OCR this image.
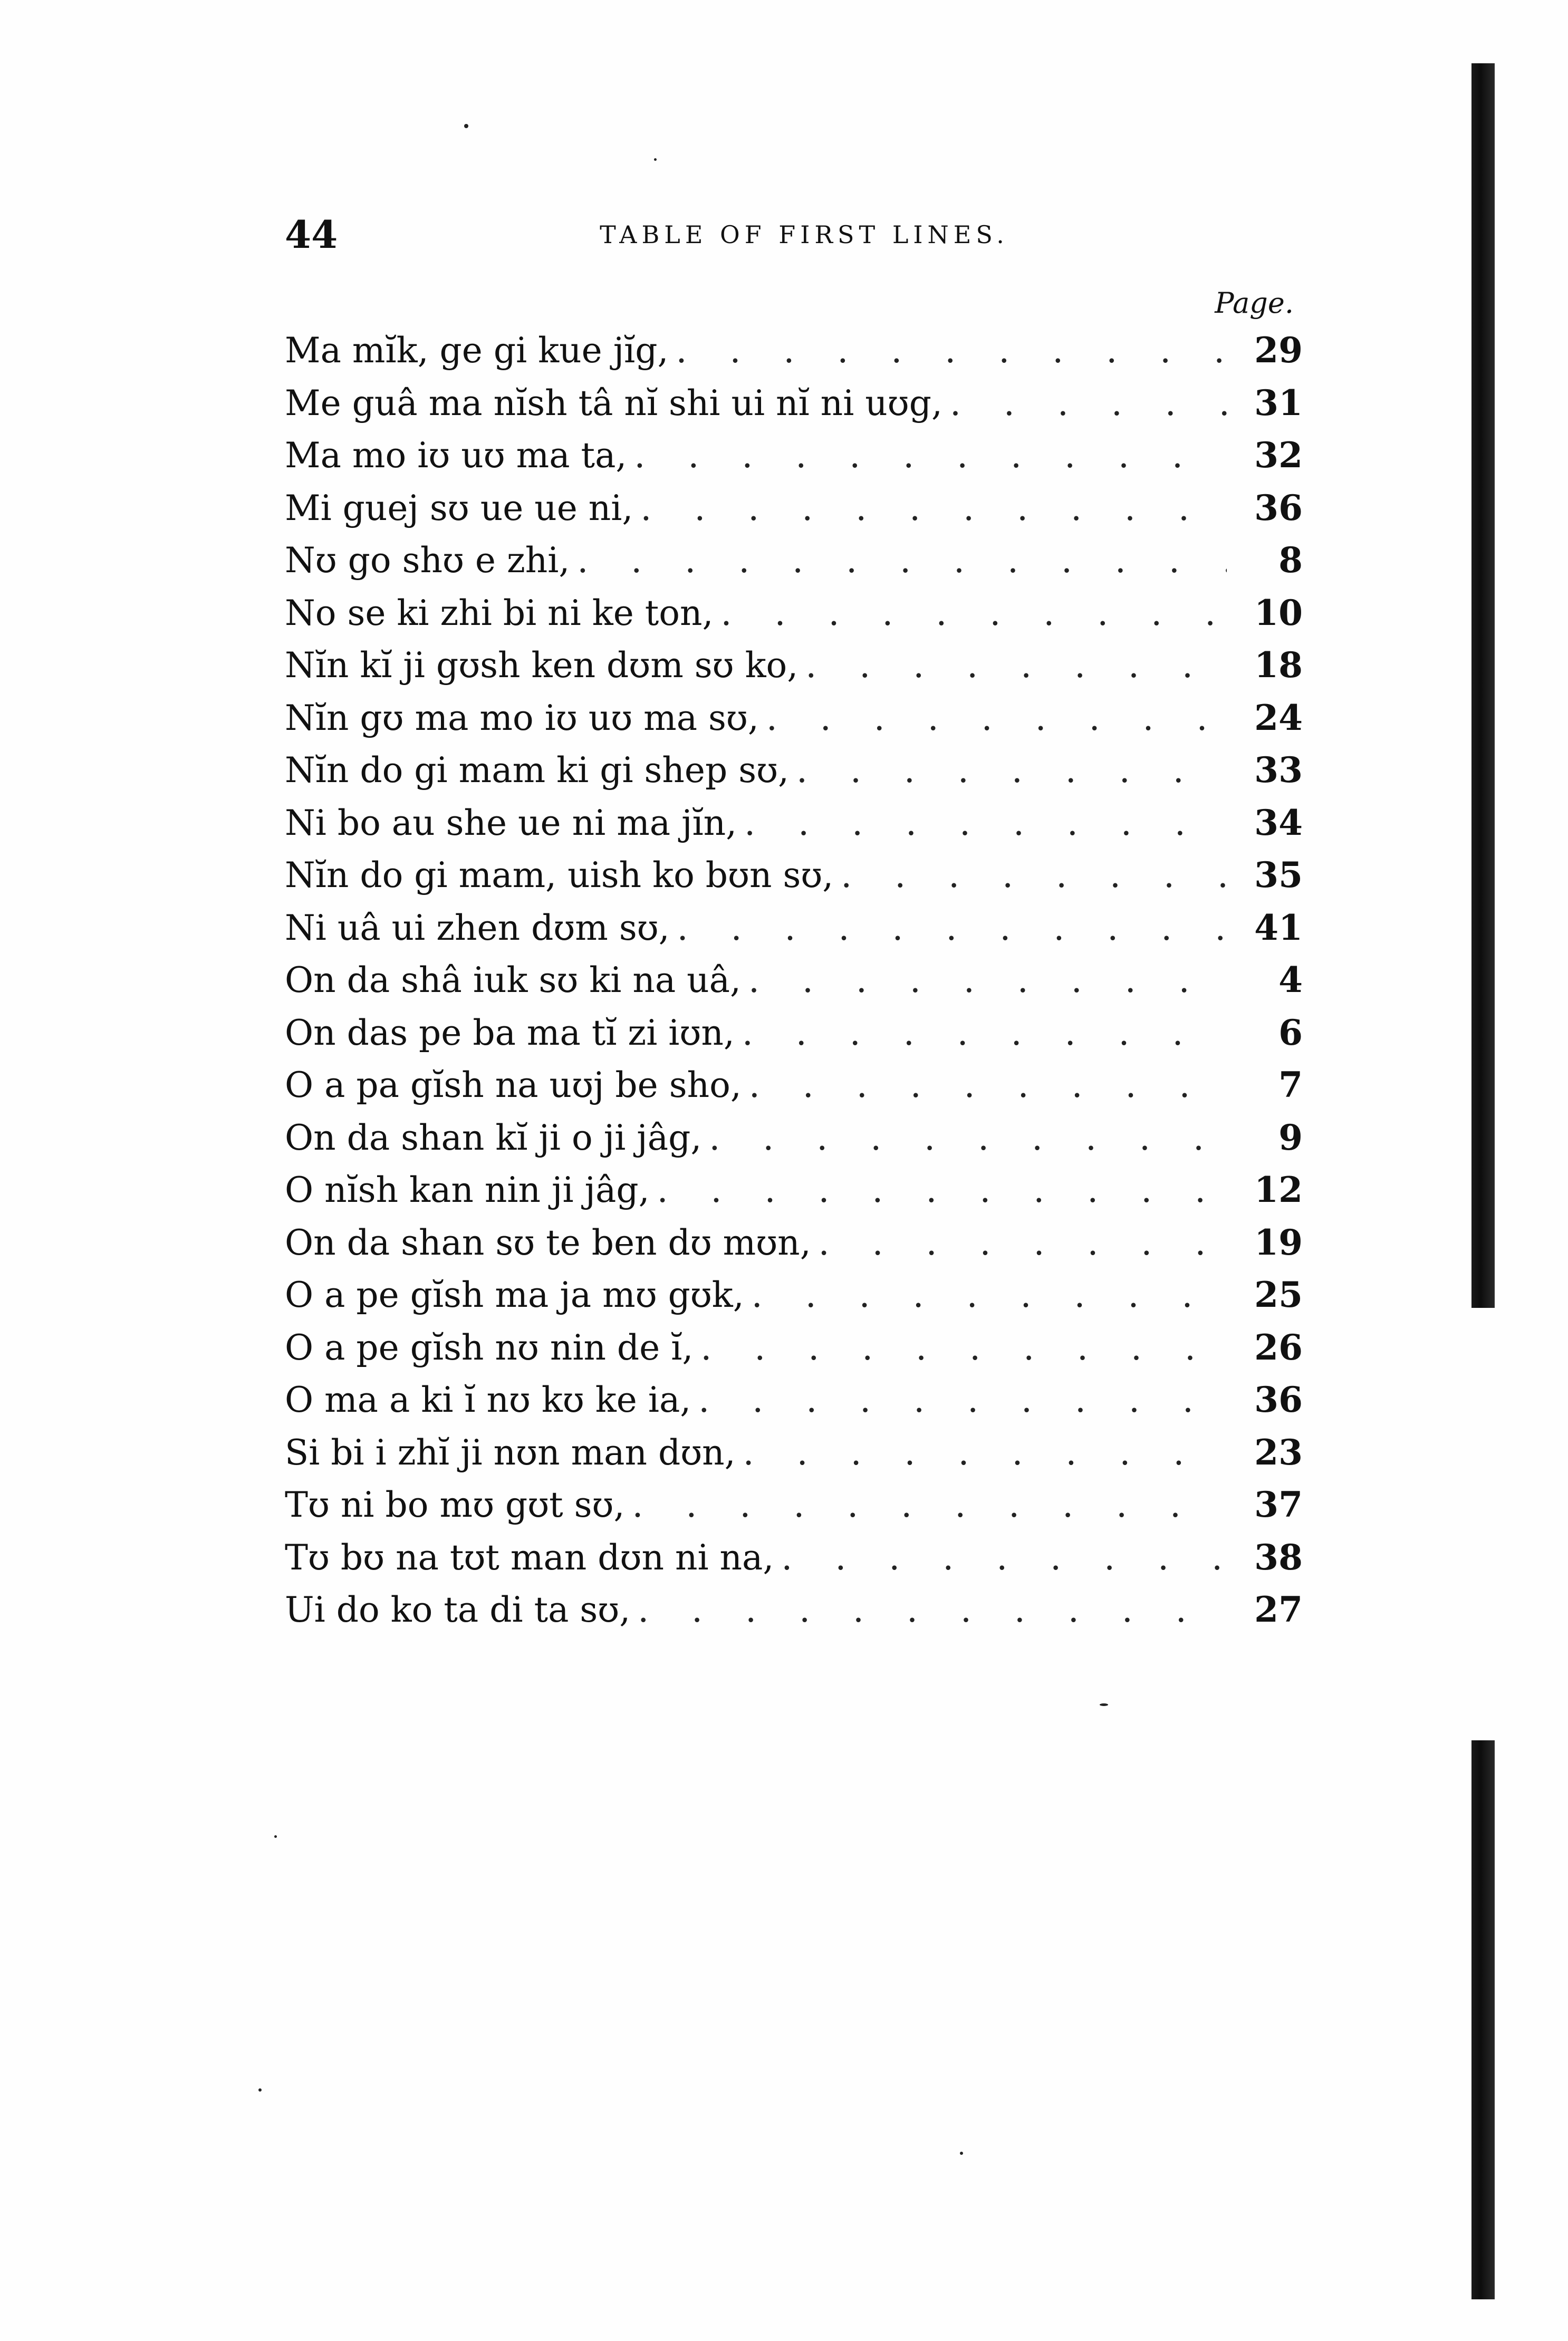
44	TABLE OF FIRST LINES.
Page.
Ma mĭk, ge gi kue jĭg, . . .	29
Me guâ ma nĭsh tâ nĭ shi ui nĭ ni uʊg, . . .	31
Ma mo iʊ uʊ ma ta, . . .	32
Mi guej sʊ ue ue ni, . . .	36
Nʊ go shʊ e zhi, . . .	8
No se ki zhi bi ni ke ton, . . .	10
Nĭn kĭ ji gʊsh ken dʊm sʊ ko, . . .	18
Nĭn gʊ ma mo iʊ uʊ ma sʊ, . . .	24
Nĭn do gi mam ki gi shep sʊ, . . .	33
Ni bo au she ue ni ma jĭn, . . .	34
Nĭn do gi mam, uish ko bʊn sʊ, . . .	35
Ni uâ ui zhen dʊm sʊ, . . .	41
On da shâ iuk sʊ ki na uâ, . . .	4
On das pe ba ma tĭ zi iʊn, . . .	6
O a pa gĭsh na uʊj be sho, . . .	7
On da shan kĭ ji o ji jâg, . . .	9
O nĭsh kan nin ji jâg, . . .	12
On da shan sʊ te ben dʊ mʊn, . . .	19
O a pe gĭsh ma ja mʊ gʊk, . . .	25
O a pe gĭsh nʊ nin de ĭ, . . .	26
O ma a ki ĭ nʊ kʊ ke ia, . . .	36
Si bi i zhĭ ji nʊn man dʊn, . . .	23
Tʊ ni bo mʊ gʊt sʊ, . . .	37
Tʊ bʊ na tʊt man dʊn ni na, . . .	38
Ui do ko ta di ta sʊ, . . .	27
